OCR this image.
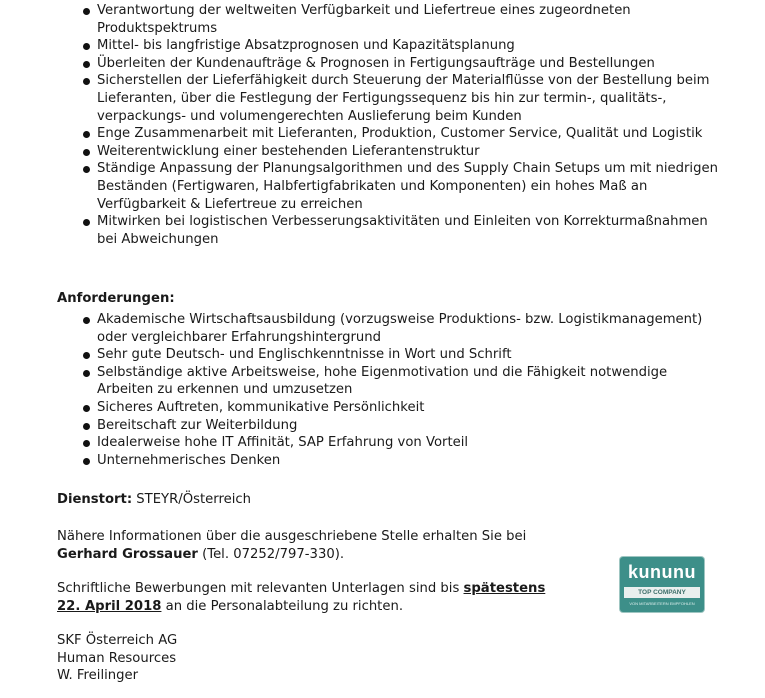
Verantwortung der weltweiten Verfügbarkeit und Liefertreue eines zugeordneten Produktspektrums
Mittel- bis langfristige Absatzprognosen und Kapazitätsplanung
Überleiten der Kundenaufträge & Prognosen in Fertigungsaufträge und Bestellungen
Sicherstellen der Lieferfähigkeit durch Steuerung der Materialflüsse von der Bestellung beim Lieferanten, über die Festlegung der Fertigungssequenz bis hin zur termin-, qualitäts-, verpackungs- und volumengerechten Auslieferung beim Kunden
Enge Zusammenarbeit mit Lieferanten, Produktion, Customer Service, Qualität und Logistik
Weiterentwicklung einer bestehenden Lieferantenstruktur
Ständige Anpassung der Planungsalgorithmen und des Supply Chain Setups um mit niedrigen Beständen (Fertigwaren, Halbfertigfabrikaten und Komponenten) ein hohes Maß an Verfügbarkeit & Liefertreue zu erreichen
Mitwirken bei logistischen Verbesserungsaktivitäten und Einleiten von Korrekturmaßnahmen bei Abweichungen
Anforderungen:
Akademische Wirtschaftsausbildung (vorzugsweise Produktions- bzw. Logistikmanagement) oder vergleichbarer Erfahrungshintergrund
Sehr gute Deutsch- und Englischkenntnisse in Wort und Schrift
Selbständige aktive Arbeitsweise, hohe Eigenmotivation und die Fähigkeit notwendige Arbeiten zu erkennen und umzusetzen
Sicheres Auftreten, kommunikative Persönlichkeit
Bereitschaft zur Weiterbildung
Idealerweise hohe IT Affinität, SAP Erfahrung von Vorteil
Unternehmerisches Denken
Dienstort: STEYR/Österreich
Nähere Informationen über die ausgeschriebene Stelle erhalten Sie bei
Gerhard Grossauer (Tel. 07252/797-330).
Schriftliche Bewerbungen mit relevanten Unterlagen sind bis spätestens
22. April 2018 an die Personalabteilung zu richten.
SKF Österreich AG
Human Resources
W. Freilinger
kununu
TOP COMPANY
VON MITARBEITERN EMPFOHLEN
